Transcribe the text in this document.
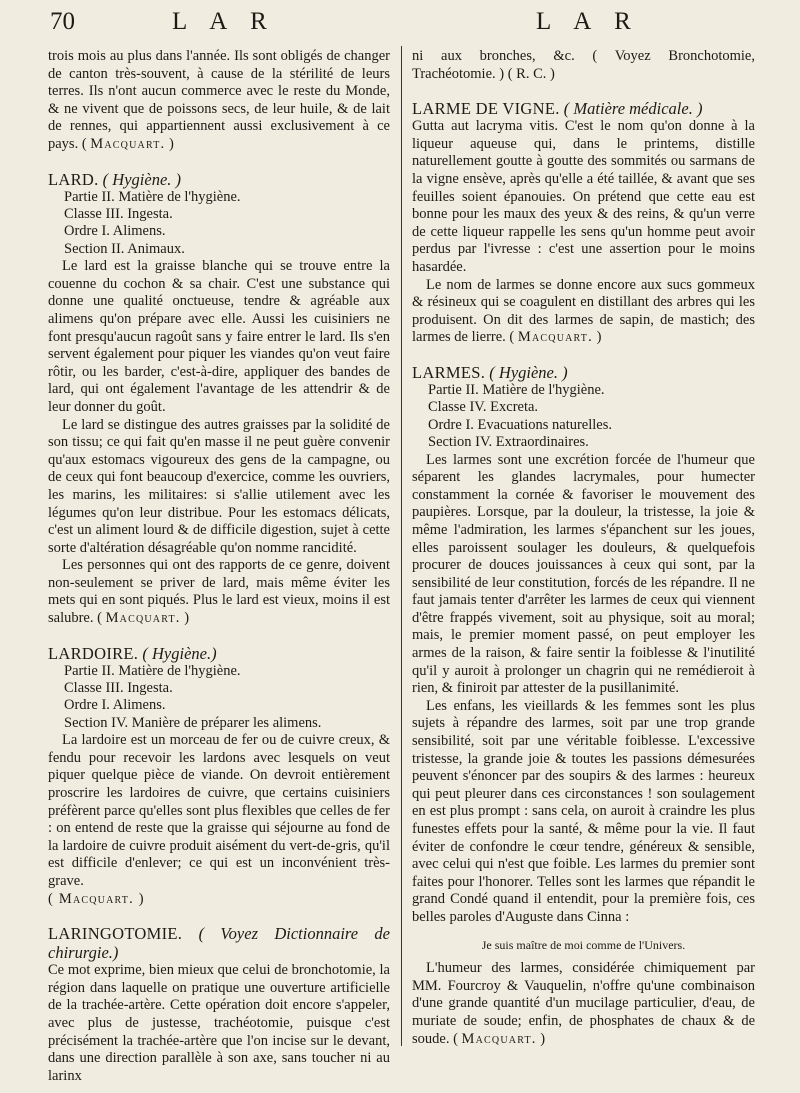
70	L A R	L A R

trois mois au plus dans l'année. Ils sont obligés de changer de canton très-souvent, à cause de la stérilité de leurs terres. Ils n'ont aucun commerce avec le reste du Monde, & ne vivent que de poissons secs, de leur huile, & de lait de rennes, qui appartiennent aussi exclusivement à ce pays. ( Macquart. )

LARD. ( Hygiène. )
Partie II. Matière de l'hygiène.
Classe III. Ingesta.
Ordre I. Alimens.
Section II. Animaux.

Le lard est la graisse blanche qui se trouve entre la couenne du cochon & sa chair. C'est une substance qui donne une qualité onctueuse, tendre & agréable aux alimens qu'on prépare avec elle. Aussi les cuisiniers ne font presqu'aucun ragoût sans y faire entrer le lard. Ils s'en servent également pour piquer les viandes qu'on veut faire rôtir, ou les barder, c'est-à-dire, appliquer des bandes de lard, qui ont également l'avantage de les attendrir & de leur donner du goût.

Le lard se distingue des autres graisses par la solidité de son tissu; ce qui fait qu'en masse il ne peut guère convenir qu'aux estomacs vigoureux des gens de la campagne, ou de ceux qui font beaucoup d'exercice, comme les ouvriers, les marins, les militaires: si s'allie utilement avec les légumes qu'on leur distribue. Pour les estomacs délicats, c'est un aliment lourd & de difficile digestion, sujet à cette sorte d'altération désagréable qu'on nomme rancidité.

Les personnes qui ont des rapports de ce genre, doivent non-seulement se priver de lard, mais même éviter les mets qui en sont piqués. Plus le lard est vieux, moins il est salubre. ( Macquart. )

LARDOIRE. ( Hygiène.)
Partie II. Matière de l'hygiène.
Classe III. Ingesta.
Ordre I. Alimens.
Section IV. Manière de préparer les alimens.

La lardoire est un morceau de fer ou de cuivre creux, & fendu pour recevoir les lardons avec lesquels on veut piquer quelque pièce de viande. On devroit entièrement proscrire les lardoires de cuivre, que certains cuisiniers préfèrent parce qu'elles sont plus flexibles que celles de fer : on entend de reste que la graisse qui séjourne au fond de la lardoire de cuivre produit aisément du vert-de-gris, qu'il est difficile d'enlever; ce qui est un inconvénient très-grave.

( Macquart. )

LARINGOTOMIE. ( Voyez Dictionnaire de chirurgie.)

Ce mot exprime, bien mieux que celui de bronchotomie, la région dans laquelle on pratique une ouverture artificielle de la trachée-artère. Cette opération doit encore s'appeler, avec plus de justesse, trachéotomie, puisque c'est précisément la trachée-artère que l'on incise sur le devant, dans une direction parallèle à son axe, sans toucher ni au larinx

ni aux bronches, &c. ( Voyez Bronchotomie, Trachéotomie. ) ( R. C. )

LARME DE VIGNE. ( Matière médicale. )

Gutta aut lacryma vitis. C'est le nom qu'on donne à la liqueur aqueuse qui, dans le printems, distille naturellement goutte à goutte des sommités ou sarmans de la vigne ensève, après qu'elle a été taillée, & avant que ses feuilles soient épanouies. On prétend que cette eau est bonne pour les maux des yeux & des reins, & qu'un verre de cette liqueur rappelle les sens qu'un homme peut avoir perdus par l'ivresse : c'est une assertion pour le moins hasardée.

Le nom de larmes se donne encore aux sucs gommeux & résineux qui se coagulent en distillant des arbres qui les produisent. On dit des larmes de sapin, de mastich; des larmes de lierre. ( Macquart. )

LARMES. ( Hygiène. )
Partie II. Matière de l'hygiène.
Classe IV. Excreta.
Ordre I. Evacuations naturelles.
Section IV. Extraordinaires.

Les larmes sont une excrétion forcée de l'humeur que séparent les glandes lacrymales, pour humecter constamment la cornée & favoriser le mouvement des paupières. Lorsque, par la douleur, la tristesse, la joie & même l'admiration, les larmes s'épanchent sur les joues, elles paroissent soulager les douleurs, & quelquefois procurer de douces jouissances à ceux qui sont, par la sensibilité de leur constitution, forcés de les répandre. Il ne faut jamais tenter d'arrêter les larmes de ceux qui viennent d'être frappés vivement, soit au physique, soit au moral; mais, le premier moment passé, on peut employer les armes de la raison, & faire sentir la foiblesse & l'inutilité qu'il y auroit à prolonger un chagrin qui ne remédieroit à rien, & finiroit par attester de la pusillanimité.

Les enfans, les vieillards & les femmes sont les plus sujets à répandre des larmes, soit par une trop grande sensibilité, soit par une véritable foiblesse. L'excessive tristesse, la grande joie & toutes les passions démesurées peuvent s'énoncer par des soupirs & des larmes : heureux qui peut pleurer dans ces circonstances ! son soulagement en est plus prompt : sans cela, on auroit à craindre les plus funestes effets pour la santé, & même pour la vie. Il faut éviter de confondre le cœur tendre, généreux & sensible, avec celui qui n'est que foible. Les larmes du premier sont faites pour l'honorer. Telles sont les larmes que répandit le grand Condé quand il entendit, pour la première fois, ces belles paroles d'Auguste dans Cinna :

Je suis maître de moi comme de l'Univers.

L'humeur des larmes, considérée chimiquement par MM. Fourcroy & Vauquelin, n'offre qu'une combinaison d'une grande quantité d'un mucilage particulier, d'eau, de muriate de soude; enfin, de phosphates de chaux & de soude. ( Macquart. )
